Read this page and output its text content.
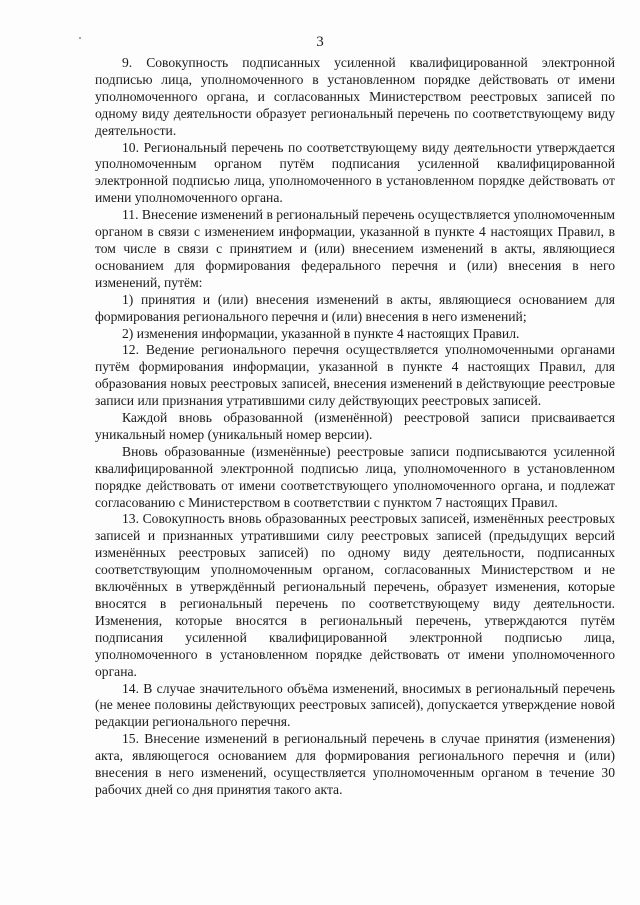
3

9. Совокупность подписанных усиленной квалифицированной электронной подписью лица, уполномоченного в установленном порядке действовать от имени уполномоченного органа, и согласованных Министерством реестровых записей по одному виду деятельности образует региональный перечень по соответствующему виду деятельности.

10. Региональный перечень по соответствующему виду деятельности утверждается уполномоченным органом путём подписания усиленной квалифицированной электронной подписью лица, уполномоченного в установленном порядке действовать от имени уполномоченного органа.

11. Внесение изменений в региональный перечень осуществляется уполномоченным органом в связи с изменением информации, указанной в пункте 4 настоящих Правил, в том числе в связи с принятием и (или) внесением изменений в акты, являющиеся основанием для формирования федерального перечня и (или) внесения в него изменений, путём:

1) принятия и (или) внесения изменений в акты, являющиеся основанием для формирования регионального перечня и (или) внесения в него изменений;

2) изменения информации, указанной в пункте 4 настоящих Правил.

12. Ведение регионального перечня осуществляется уполномоченными органами путём формирования информации, указанной в пункте 4 настоящих Правил, для образования новых реестровых записей, внесения изменений в действующие реестровые записи или признания утратившими силу действующих реестровых записей.

Каждой вновь образованной (изменённой) реестровой записи присваивается уникальный номер (уникальный номер версии).

Вновь образованные (изменённые) реестровые записи подписываются усиленной квалифицированной электронной подписью лица, уполномоченного в установленном порядке действовать от имени соответствующего уполномоченного органа, и подлежат согласованию с Министерством в соответствии с пунктом 7 настоящих Правил.

13. Совокупность вновь образованных реестровых записей, изменённых реестровых записей и признанных утратившими силу реестровых записей (предыдущих версий изменённых реестровых записей) по одному виду деятельности, подписанных соответствующим уполномоченным органом, согласованных Министерством и не включённых в утверждённый региональный перечень, образует изменения, которые вносятся в региональный перечень по соответствующему виду деятельности. Изменения, которые вносятся в региональный перечень, утверждаются путём подписания усиленной квалифицированной электронной подписью лица, уполномоченного в установленном порядке действовать от имени уполномоченного органа.

14. В случае значительного объёма изменений, вносимых в региональный перечень (не менее половины действующих реестровых записей), допускается утверждение новой редакции регионального перечня.

15. Внесение изменений в региональный перечень в случае принятия (изменения) акта, являющегося основанием для формирования регионального перечня и (или) внесения в него изменений, осуществляется уполномоченным органом в течение 30 рабочих дней со дня принятия такого акта.
